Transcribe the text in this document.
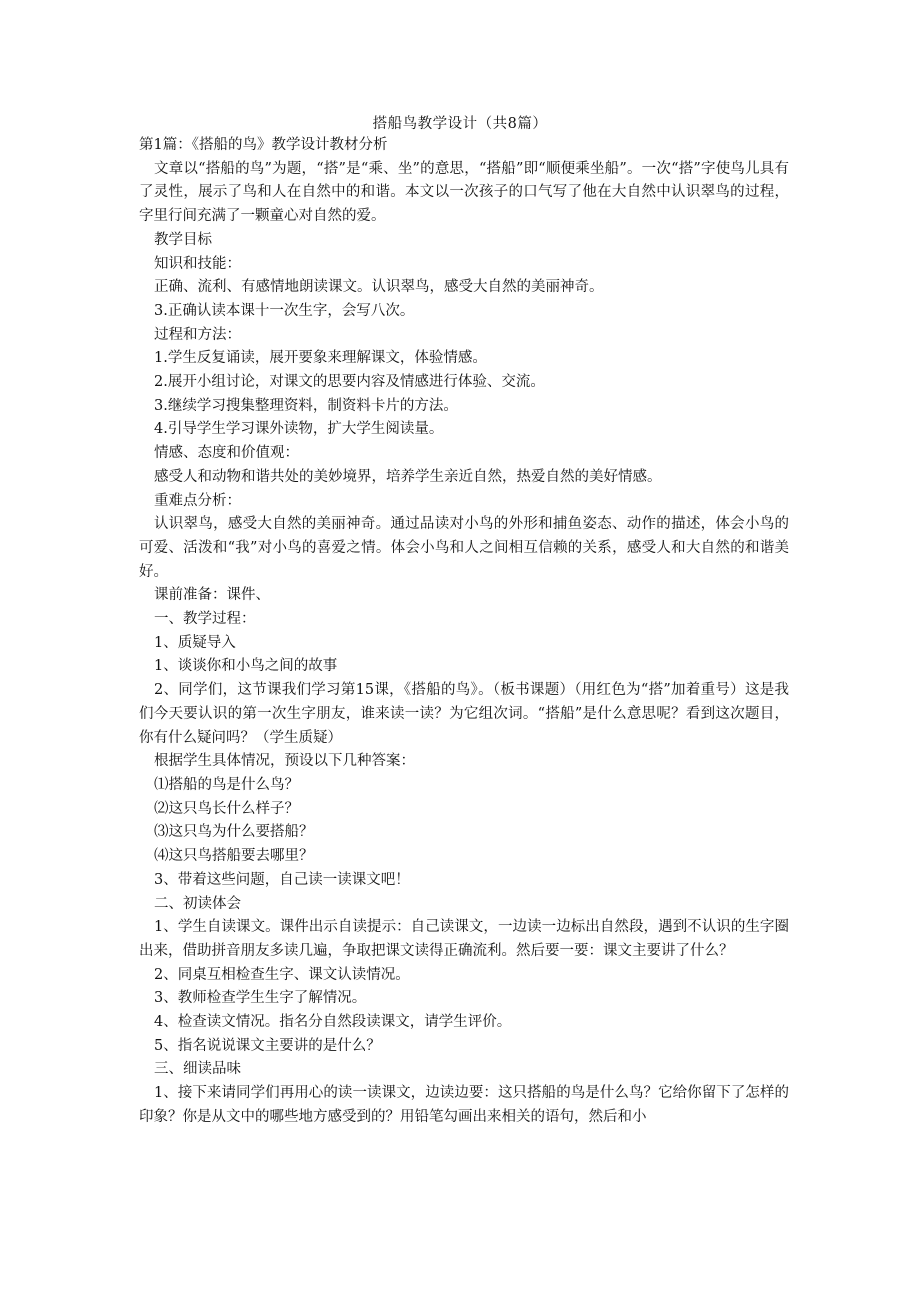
搭船鸟教学设计（共8篇）

第1篇：《搭船的鸟》教学设计教材分析

文章以“搭船的鸟”为题，“搭”是“乘、坐”的意思，“搭船”即“顺便乘坐船”。一次“搭”字使鸟儿具有了灵性，展示了鸟和人在自然中的和谐。本文以一次孩子的口气写了他在大自然中认识翠鸟的过程，字里行间充满了一颗童心对自然的爱。

教学目标

知识和技能：

正确、流利、有感情地朗读课文。认识翠鸟，感受大自然的美丽神奇。

3.正确认读本课十一次生字，会写八次。

过程和方法：

1.学生反复诵读，展开要象来理解课文，体验情感。

2.展开小组讨论，对课文的思要内容及情感进行体验、交流。

3.继续学习搜集整理资料，制资料卡片的方法。

4.引导学生学习课外读物，扩大学生阅读量。

情感、态度和价值观：

感受人和动物和谐共处的美妙境界，培养学生亲近自然，热爱自然的美好情感。

重难点分析：

认识翠鸟，感受大自然的美丽神奇。通过品读对小鸟的外形和捕鱼姿态、动作的描述，体会小鸟的可爱、活泼和“我”对小鸟的喜爱之情。体会小鸟和人之间相互信赖的关系，感受人和大自然的和谐美好。

课前准备：课件、

一、教学过程：

1、质疑导入

1、谈谈你和小鸟之间的故事

2、同学们，这节课我们学习第15课，《搭船的鸟》。（板书课题）（用红色为“搭”加着重号）这是我们今天要认识的第一次生字朋友，谁来读一读？为它组次词。“搭船”是什么意思呢？看到这次题目，你有什么疑问吗？（学生质疑）

根据学生具体情况，预设以下几种答案：

⑴搭船的鸟是什么鸟？

⑵这只鸟长什么样子？

⑶这只鸟为什么要搭船？

⑷这只鸟搭船要去哪里？

3、带着这些问题，自己读一读课文吧！

二、初读体会

1、学生自读课文。课件出示自读提示：自己读课文，一边读一边标出自然段，遇到不认识的生字圈出来，借助拼音朋友多读几遍，争取把课文读得正确流利。然后要一要：课文主要讲了什么？

2、同桌互相检查生字、课文认读情况。

3、教师检查学生生字了解情况。

4、检查读文情况。指名分自然段读课文，请学生评价。

5、指名说说课文主要讲的是什么？

三、细读品味

1、接下来请同学们再用心的读一读课文，边读边要：这只搭船的鸟是什么鸟？它给你留下了怎样的印象？你是从文中的哪些地方感受到的？用铅笔勾画出来相关的语句，然后和小
